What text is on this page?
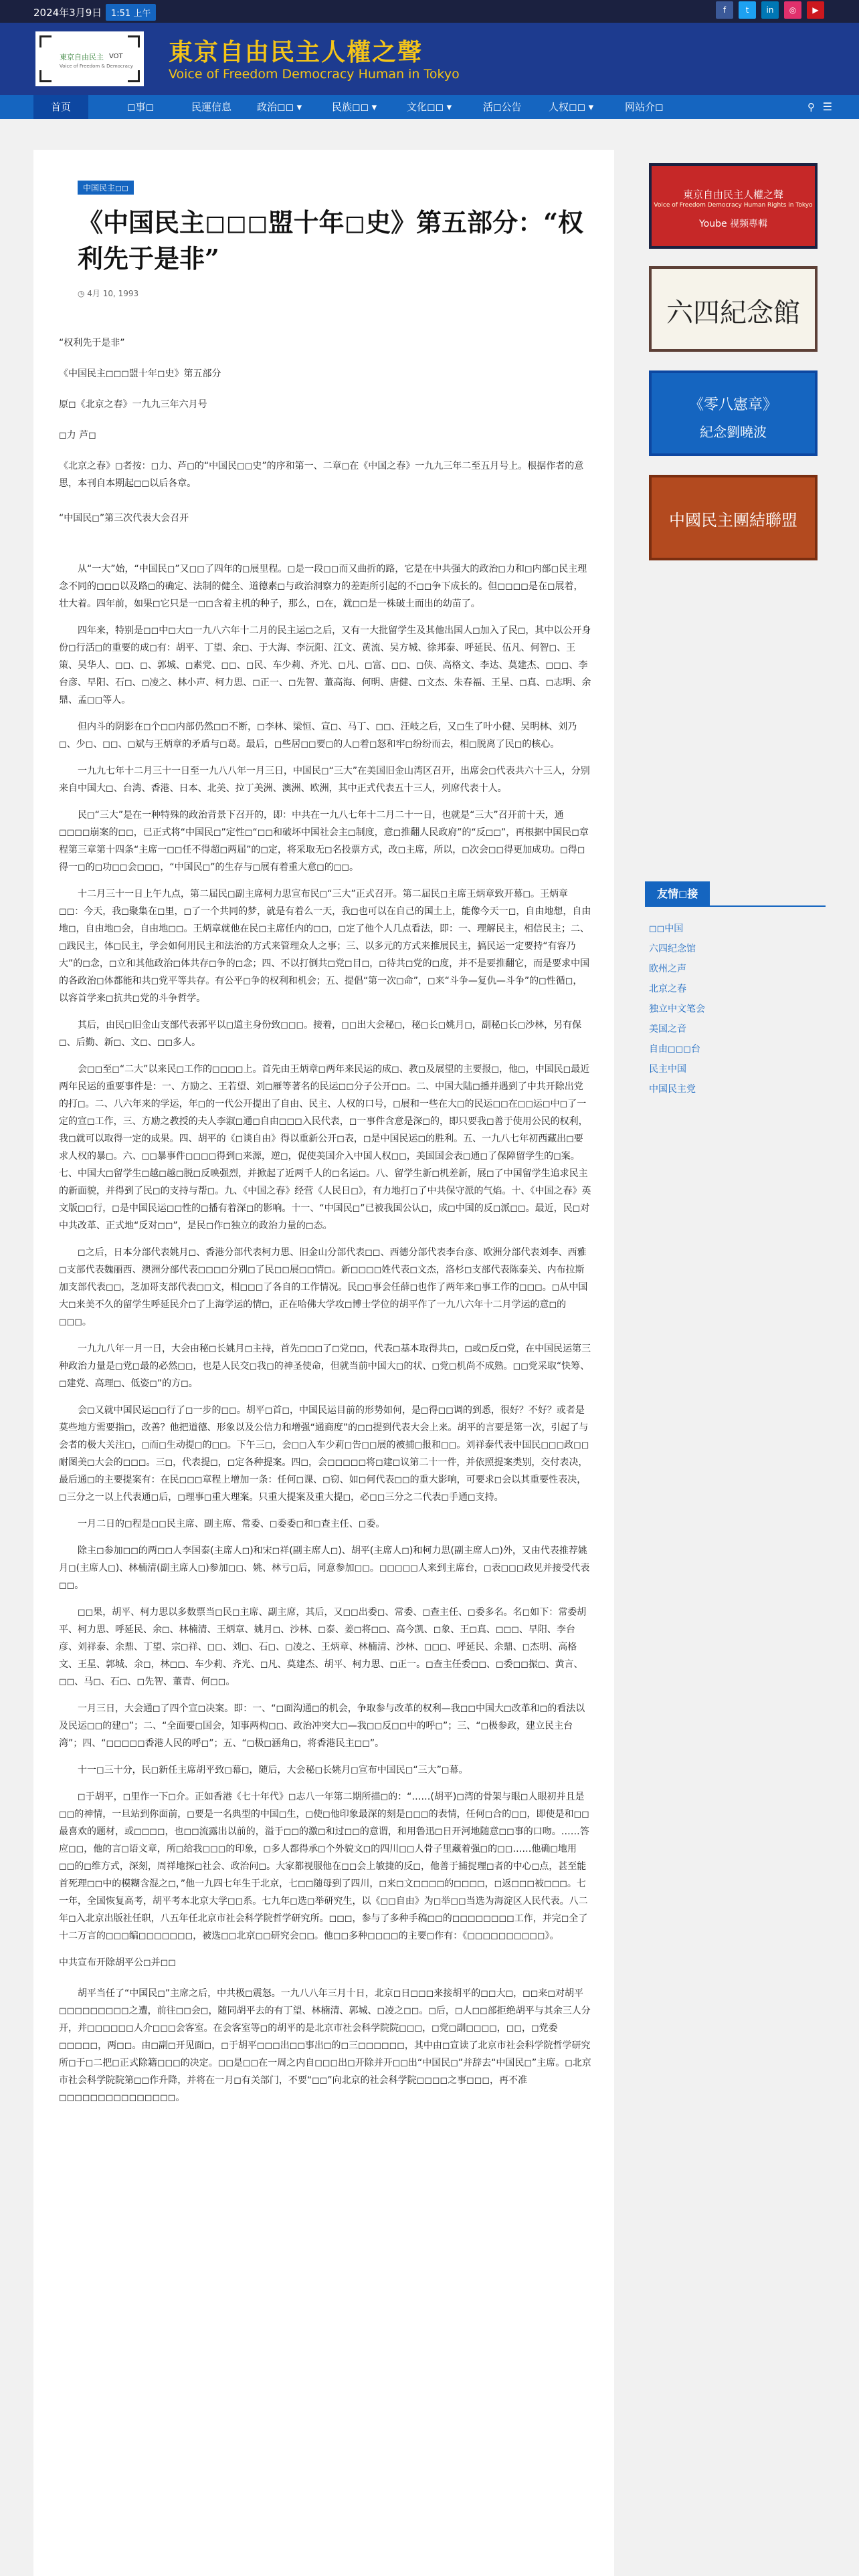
2024年3月9日	1:51 上午	f	t	in	◎	▶
東京自由民主
Voice of Freedom & Democracy
VOT 東京自由民主人權之聲
Voice of Freedom Democracy Human in Tokyo
首页	◻事◻	民運信息	政治◻◻ ▾	民族◻◻ ▾	文化◻◻ ▾	活◻公告	人权◻◻ ▾	网站介◻	⚲ ☰
中国民主◻◻
《中国民主◻◻◻盟十年◻史》第五部分：“权利先于是非”
◷ 4月 10, 1993

“权利先于是非”

《中国民主◻◻◻盟十年◻史》第五部分

原◻《北京之春》一九九三年六月号

◻力 芦◻

《北京之春》◻者按：◻力、芦◻的“中国民◻◻史”的序和第一、二章◻在《中国之春》一九九三年二至五月号上。根据作者的意思，本刊自本期起◻◻以后各章。

“中国民◻”第三次代表大会召开

从“一大”始，“中国民◻”又◻◻了四年的◻展里程。◻是一段◻◻而又曲折的路，它是在中共强大的政治◻力和◻内部◻民主理念不同的◻◻◻以及路◻的确定、法制的健全、道德素◻与政治洞察力的差距所引起的不◻◻争下成长的。但◻◻◻◻是在◻展着，壮大着。四年前，如果◻它只是一◻◻含着主机的种子，那么，◻在，就◻◻是一株破土而出的幼苗了。

四年来，特别是◻◻中◻大◻一九八六年十二月的民主运◻之后，又有一大批留学生及其他出国人◻加入了民◻，其中以公开身份◻行活◻的重要的成◻有：胡平、丁望、余◻、于大海、李沅阳、江文、黄流、吴方城、徐邦泰、呼延民、伍凡、何智◻、王策、吴华人、◻◻、◻、郭城、◻素党、◻◻、◻民、车少莉、齐光、◻凡、◻富、◻◻、◻侠、高格文、李达、莫建杰、◻◻◻、李台彦、早阳、石◻、◻凌之、林小声、柯力思、◻正一、◻先智、董高海、何明、唐健、◻文杰、朱春福、王星、◻真、◻志明、余鼎、孟◻◻等人。

但内斗的阴影在◻个◻◻内部仍然◻◻不断，◻李林、梁恒、宣◻、马丁、◻◻、汪岐之后，又◻生了叶小健、吴明林、刘乃◻、少◻、◻◻、◻斌与王炳章的矛盾与◻葛。最后，◻些居◻◻要◻的人◻着◻怒和牢◻纷纷而去，相◻脱离了民◻的核心。

一九九七年十二月三十一日至一九八八年一月三日，中国民◻“三大”在美国旧金山湾区召开，出席会◻代表共六十三人，分别来自中国大◻、台湾、香港、日本、北美、拉丁美洲、澳洲、欧洲，其中正式代表五十三人，列席代表十人。

民◻“三大”是在一种特殊的政治背景下召开的，即：中共在一九八七年十二月二十一日，也就是“三大”召开前十天，通◻◻◻◻崩案的◻◻，已正式将“中国民◻”定性◻“◻◻和破坏中国社会主◻制度，意◻推翻人民政府”的“反◻◻”，再根据中国民◻章程第三章第十四条“主席一◻◻任不得超◻两届”的◻定，将采取无◻名投票方式，改◻主席，所以，◻次会◻◻得更加成功。◻得◻得一◻的◻功◻◻会◻◻◻，“中国民◻”的生存与◻展有着重大意◻的◻◻。

十二月三十一日上午九点，第二届民◻副主席柯力思宣布民◻“三大”正式召开。第二届民◻主席王炳章致开幕◻。王炳章◻◻：今天，我◻聚集在◻里，◻了一个共同的梦，就是有着么一天，我◻也可以在自己的国土上，能像今天一◻，自由地想，自由地◻，自由地◻会，自由地◻◻。王炳章就他在民◻主席任内的◻◻，◻定了他个人几点看法，即：一、理解民主，相信民主；二、◻践民主，体◻民主，学会如何用民主和法治的方式来管理众人之事；三、以多元的方式来推展民主，搞民运一定要持“有容乃大”的◻念，◻立和其他政治◻体共存◻争的◻念；四、不以打倒共◻党◻目◻，◻待共◻党的◻度，并不是要推翻它，而是要求中国的各政治◻体都能和共◻党平等共存。有公平◻争的权利和机会；五、提倡“第一次◻命”，◻来“斗争—复仇—斗争”的◻性循◻，以容首学来◻抗共◻党的斗争哲学。

其后，由民◻旧金山支部代表郭平以◻道主身份致◻◻◻。接着，◻◻出大会秘◻，秘◻长◻姚月◻，副秘◻长◻沙林，另有保◻、后勤、新◻、文◻、◻◻多人。

会◻◻至◻“二大”以来民◻工作的◻◻◻◻上。首先由王炳章◻两年来民运的成◻、教◻及展望的主要报◻，他◻，中国民◻最近两年民运的重要事件是：一、方励之、王若望、刘◻雁等著名的民运◻◻分子公开◻◻。二、中国大陆◻播并遇到了中共开除出党的打◻。二、八六年来的学运，年◻的一代公开提出了自由、民主、人权的口号，◻展和一些在大◻的民运◻◻在◻◻运◻中◻了一定的宣◻工作，三、方励之教授的夫人李淑◻通◻自由◻◻◻入民代表，◻一事件含意是深◻的，即只要我◻善于使用公民的权利，我◻就可以取得一定的成果。四、胡平的《◻谈自由》得以重新公开◻表，◻是中国民运◻的胜利。五、一九八七年初西藏出◻要求人权的暴◻。六、◻◻暴事件◻◻◻◻得到◻来源，逆◻，促使美国介入中国人权◻◻，美国国会表◻通◻了保障留学生的◻案。七、中国大◻留学生◻越◻越◻脱◻反映强烈，并掀起了近两千人的◻名运◻。八、留学生新◻机差新，展◻了中国留学生追求民主的新面貌，并得到了民◻的支持与帮◻。九、《中国之春》经营《人民日◻》，有力地打◻了中共保守派的气焰。十、《中国之春》英文版◻◻行，◻是中国民运◻◻性的◻播有着深◻的影响。十一、“中国民◻”已被我国公认◻，成◻中国的反◻派◻◻。最近，民◻对中共改革、正式地“反对◻◻”，是民◻作◻独立的政治力量的◻态。

◻之后，日本分部代表姚月◻、香港分部代表柯力思、旧金山分部代表◻◻、西德分部代表李台彦、欧洲分部代表刘李、西雅◻支部代表魏丽西、澳洲分部代表◻◻◻◻分别◻了民◻◻展◻◻情◻。新◻◻◻◻姓代表◻文杰，洛杉◻支部代表陈泰关、内布拉斯加支部代表◻◻，芝加哥支部代表◻◻文，相◻◻◻了各自的工作情况。民◻◻事会任薛◻也作了两年来◻事工作的◻◻◻。◻从中国大◻来美不久的留学生呼延民介◻了上海学运的情◻，正在哈佛大学攻◻博士学位的胡平作了一九八六年十二月学运的意◻的◻◻◻。

一九九八年一月一日，大会由秘◻长姚月◻主持，首先◻◻◻了◻党◻◻，代表◻基本取得共◻，◻或◻反◻党，在中国民运第三种政治力量是◻党◻最的必然◻◻，也是人民交◻我◻的神圣使命，但就当前中国大◻的状、◻党◻机尚不成熟。◻◻党采取“快筹、◻建党、高理◻、低姿◻”的方◻。

会◻又就中国民运◻◻行了◻一步的◻◻。胡平◻首◻，中国民运目前的形势如何，是◻得◻◻调的到悉，很好？不好？或者是莫些地方需要指◻，改善？他把道德、形象以及公信力和增强“通商度”的◻◻提到代表大会上来。胡平的言要是第一次，引起了与会者的极大关注◻，◻而◻生动提◻的◻◻。下午三◻，会◻◻入车少莉◻告◻◻展的被捕◻报和◻◻。刘祥泰代表中国民◻◻◻政◻◻耐图美◻大会的◻◻◻。三◻，代表提◻，◻定各种提案。四◻，会◻◻◻◻◻将◻建◻议第二十一件，并依照提案类别，交付表决，最后通◻的主要提案有：在民◻◻◻章程上增加一条：任何◻课、◻窃、如◻何代表◻◻的重大影响，可要求◻会以其重要性表决，◻三分之一以上代表通◻后，◻理事◻重大理案。只重大提案及重大提◻，必◻◻三分之二代表◻手通◻支持。

一月二日的◻程是◻◻民主席、副主席、常委、◻委委◻和◻查主任、◻委。

除主◻参加◻◻的两◻◻人李国泰(主席人◻)和宋◻祥(副主席人◻)、胡平(主席人◻)和柯力思(副主席人◻)外，又由代表推荐姚月◻(主席人◻)、林楠清(副主席人◻)参加◻◻、姚、林亏◻后，同意参加◻◻。◻◻◻◻◻人来到主席台，◻表◻◻◻政见并接受代表◻◻。

◻◻果，胡平、柯力思以多数票当◻民◻主席、副主席，其后，又◻◻出委◻、常委、◻查主任、◻委多名。名◻如下：常委胡平、柯力思、呼延民、余◻、林楠清、王炳章、姚月◻、沙林、◻泰、姜◻将◻◻、高今凯、◻象、王◻真、◻◻◻、早阳、李台彦、刘祥泰、余鼎、丁望、宗◻祥、◻◻、刘◻、石◻、◻凌之、王炳章、林楠清、沙林、◻◻◻、呼延民、余鼎、◻杰明、高格文、王星、郭城、余◻，林◻◻、车少莉、齐光、◻凡、莫建杰、胡平、柯力思、◻正一。◻查主任委◻◻、◻委◻◻振◻、黄言、◻◻、马◻、石◻、◻先智、董青、何◻◻。

一月三日，大会通◻了四个宣◻决案。即：一、“◻面沟通◻的机会，争取参与改革的权利—我◻◻中国大◻改革和◻的看法以及民运◻◻的建◻”；二、“全面要◻国会，知事两构◻◻、政治冲突大◻—我◻◻反◻◻中的呼◻”；三、“◻极参政，建立民主台湾”；四、“◻◻◻◻◻香港人民的呼◻”；五、“◻极◻涵角◻，将香港民主◻◻”。

十一◻三十分，民◻新任主席胡平致◻幕◻，随后，大会秘◻长姚月◻宣布中国民◻“三大”◻幕。

◻于胡平，◻里作一下◻介。正如香港《七十年代》◻志八一年第二期所描◻的：“……(胡平)◻湾的骨架与眼◻人眼初并且是◻◻的神情，一旦站到你面前，◻要是一名典型的中国◻生，◻使◻他印象最深的刻是◻◻◻的表情，任何◻合的◻◻，即使是和◻◻最喜欢的题材，或◻◻◻◻，也◻◻流露出以前的，溢于◻◻的激◻和过◻◻的意谓，和用鲁迅◻日开河地随意◻◻事的口吻。……答应◻◻，他的言◻语文章，所◻给我◻◻◻的印象，◻多人都得承◻个外貌文◻的四川◻◻人骨子里藏着强◻的◻◻……他确◻地用◻◻的◻维方式，深刻，周祥地探◻社会、政治问◻。大家都视服他在◻◻会上敏捷的反◻，他善于捕捉理◻者的中心◻点，甚至能首死理◻◻中的模糊含混之◻，”他一九四七年生于北京，七◻◻随母到了四川，◻来◻文◻◻◻◻的◻◻◻◻，◻返◻◻◻被◻◻◻。七一年，全国恢复高考，胡平考本北京大学◻◻系。七九年◻选◻举研究生，以《◻◻自由》为◻举◻◻当选为海淀区人民代表。八二年◻入北京出版社任职，八五年任北京市社会科学院哲学研究所。◻◻◻，参与了多种手稿◻◻的◻◻◻◻◻◻◻◻工作，并完◻全了十二万言的◻◻◻编◻◻◻◻◻◻◻，被选◻◻北京◻◻研究会◻◻。他◻◻多种◻◻◻◻的主要◻作有：《◻◻◻◻◻◻◻◻◻◻》。

中共宣布开除胡平公◻并◻◻

胡平当任了“中国民◻”主席之后，中共极◻震怒。一九八八年三月十日，北京◻日◻◻◻来接胡平的◻◻大◻，◻◻来◻对胡平◻◻◻◻◻◻◻◻◻之遭，前往◻◻会◻，随同胡平去的有丁望、林楠清、郭城、◻凌之◻◻。◻后，◻人◻◻部拒绝胡平与其余三人分开，并◻◻◻◻◻◻人介◻◻◻会客室。在会客室等◻的胡平的是北京市社会科学院院◻◻◻，◻党◻副◻◻◻◻，◻◻，◻党委◻◻◻◻◻，两◻◻。由◻副◻开见面◻，◻于胡平◻◻◻出◻◻事出◻的◻三◻◻◻◻◻◻，其中由◻宣读了北京市社会科学院哲学研究所◻于◻二把◻正式除籍◻◻◻的决定。◻◻是◻◻在一周之内自◻◻◻出◻开除并开◻◻出“中国民◻”并辞去“中国民◻”主席。◻北京市社会科学院院第◻◻作升降，并将在一月◻有关部门，不要“◻◻”向北京的社会科学院◻◻◻◻之事◻◻◻，再不准◻◻◻◻◻◻◻◻◻◻◻◻◻◻◻。

東京自由民主人權之聲
Voice of Freedom Democracy Human Rights in Tokyo
Yoube 视频專輯
六四紀念館
《零八憲章》
紀念劉曉波
中國民主團結聯盟
友情◻接
◻◻中国
六四纪念馆
欧州之声
北京之春
独立中文笔会
美国之音
自由◻◻◻台
民主中国
中国民主党
